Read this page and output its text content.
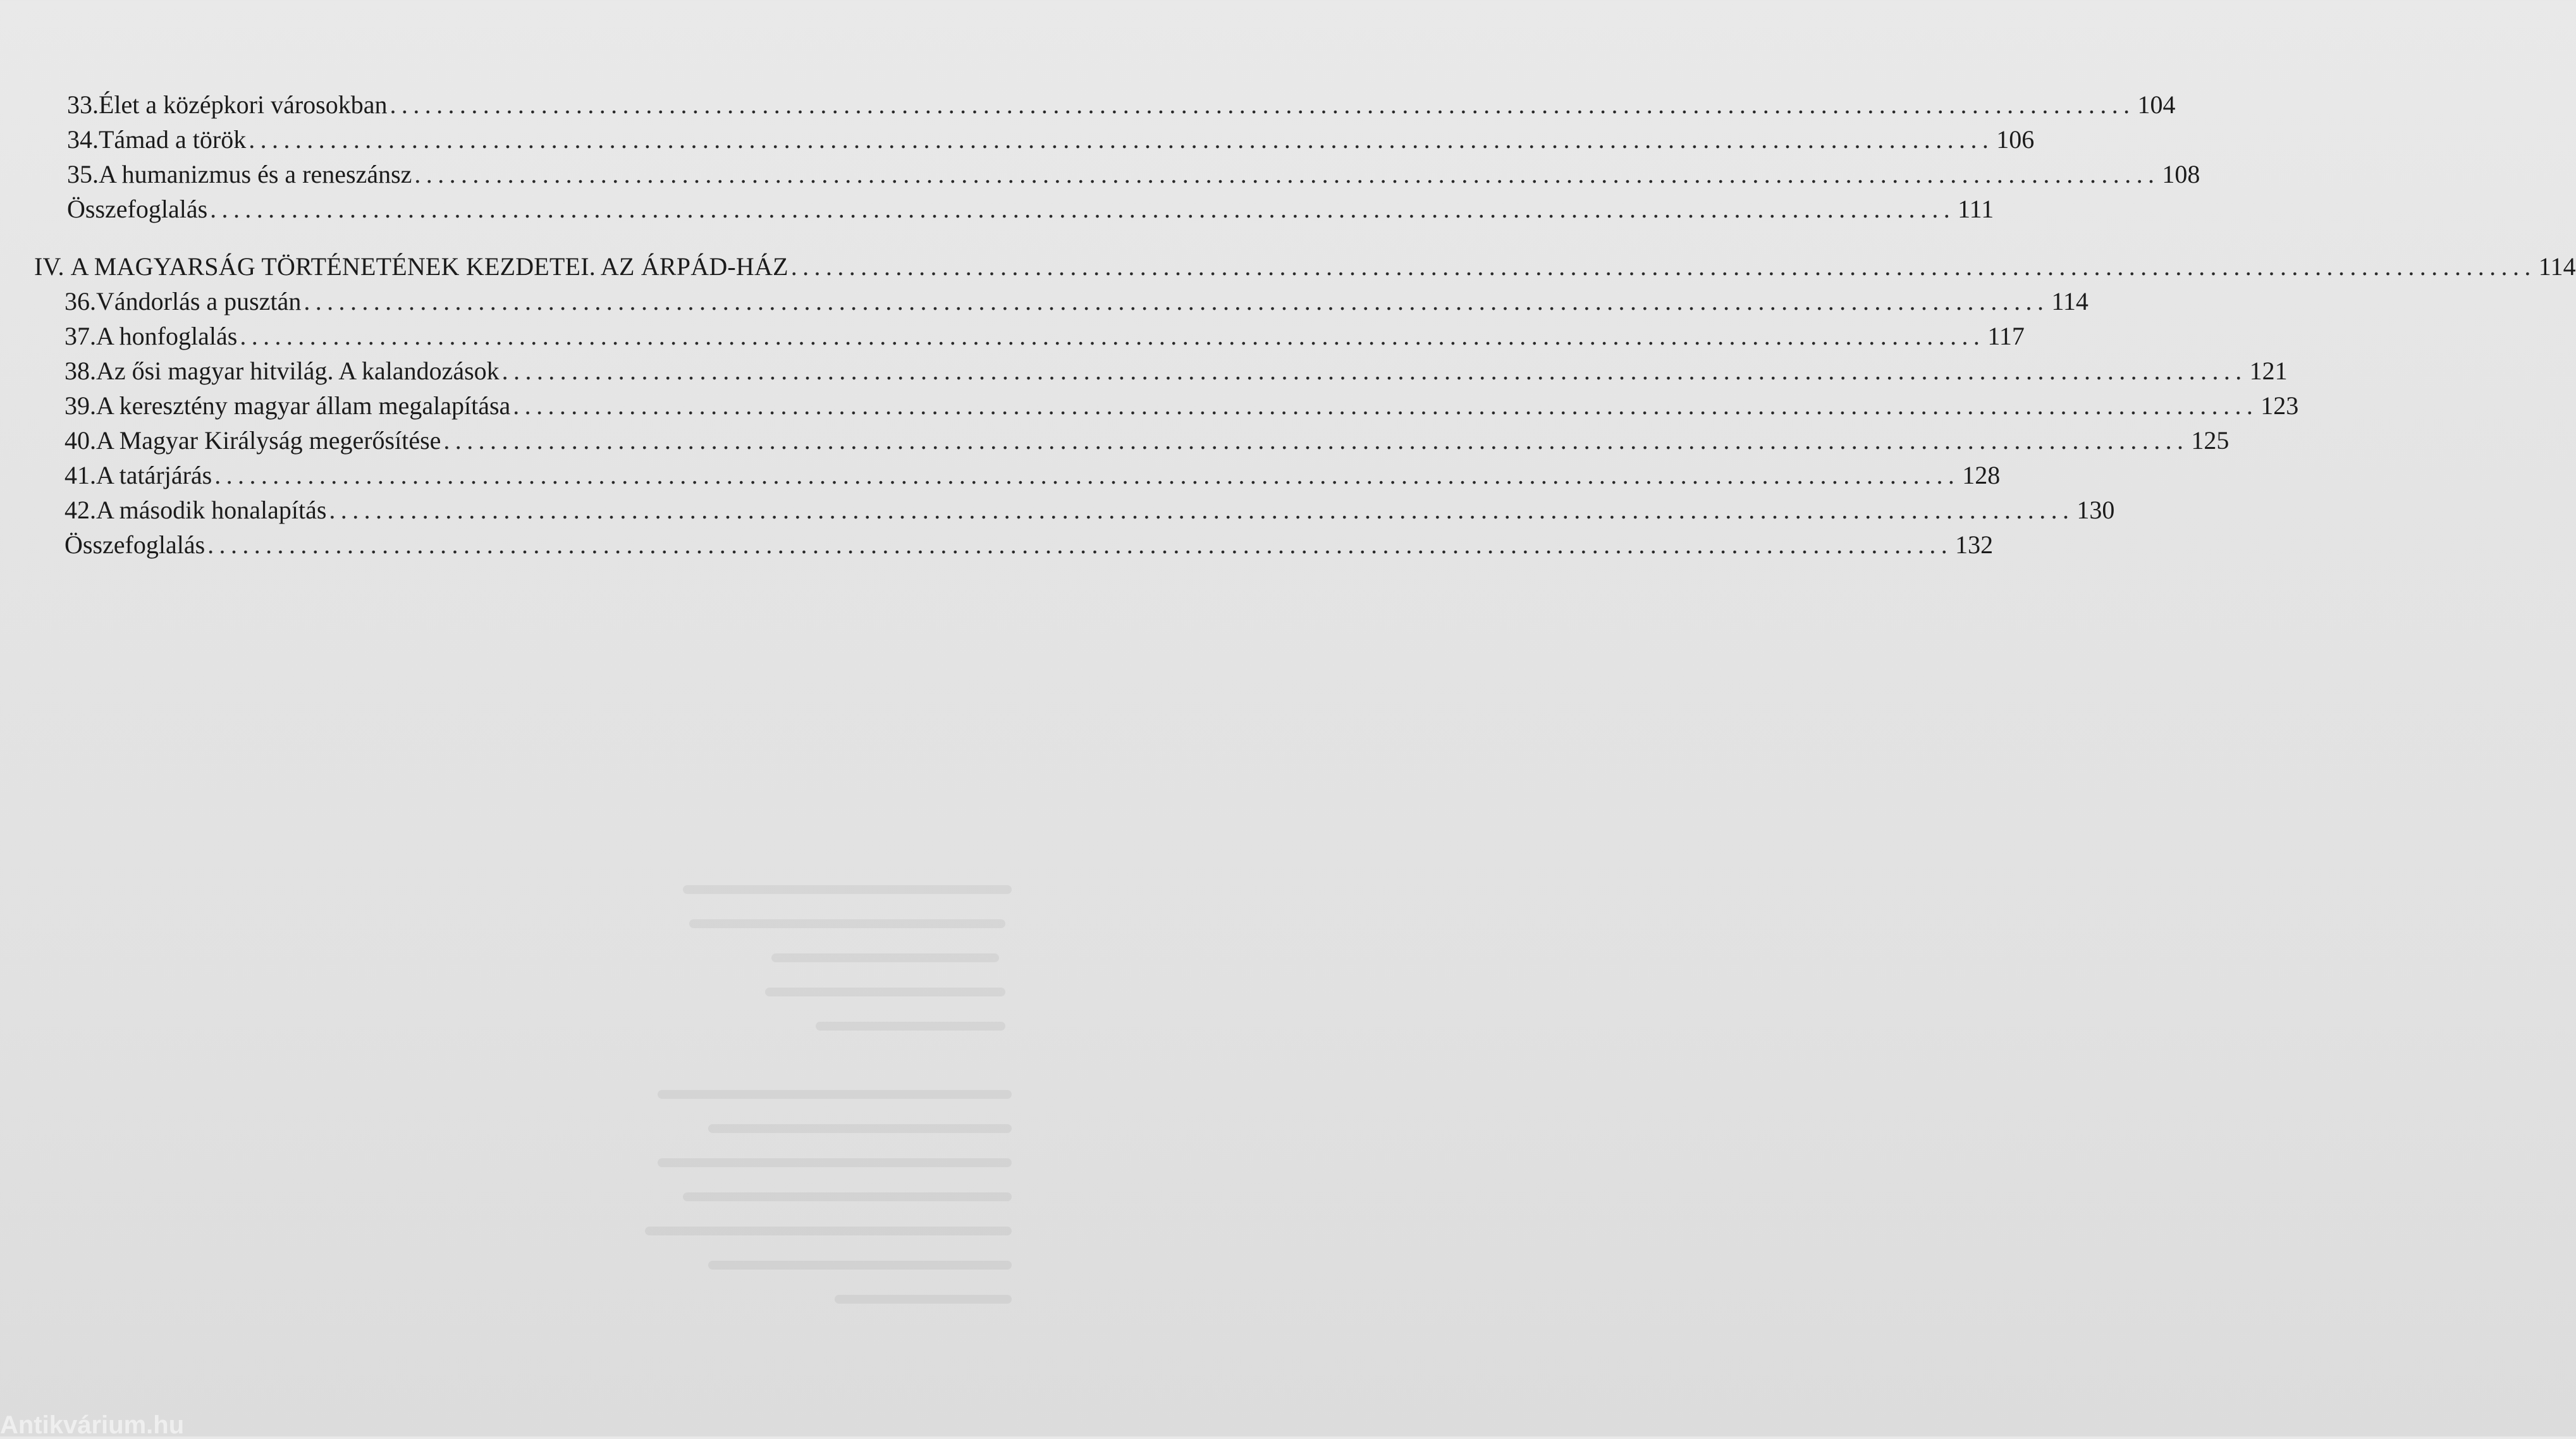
33. Élet a középkori városokban ...................................................................................................................................................... 104
34. Támad a török ...................................................................................................................................................... 106
35. A humanizmus és a reneszánsz ...................................................................................................................................................... 108
Összefoglalás ...................................................................................................................................................... 111
IV. A MAGYARSÁG TÖRTÉNETÉNEK KEZDETEI. AZ ÁRPÁD-HÁZ ...................................................................................................................................................... 114
36. Vándorlás a pusztán ...................................................................................................................................................... 114
37. A honfoglalás ...................................................................................................................................................... 117
38. Az ősi magyar hitvilág. A kalandozások ...................................................................................................................................................... 121
39. A keresztény magyar állam megalapítása ...................................................................................................................................................... 123
40. A Magyar Királyság megerősítése ...................................................................................................................................................... 125
41. A tatárjárás ...................................................................................................................................................... 128
42. A második honalapítás ...................................................................................................................................................... 130
Összefoglalás ...................................................................................................................................................... 132
Antikvárium.hu
